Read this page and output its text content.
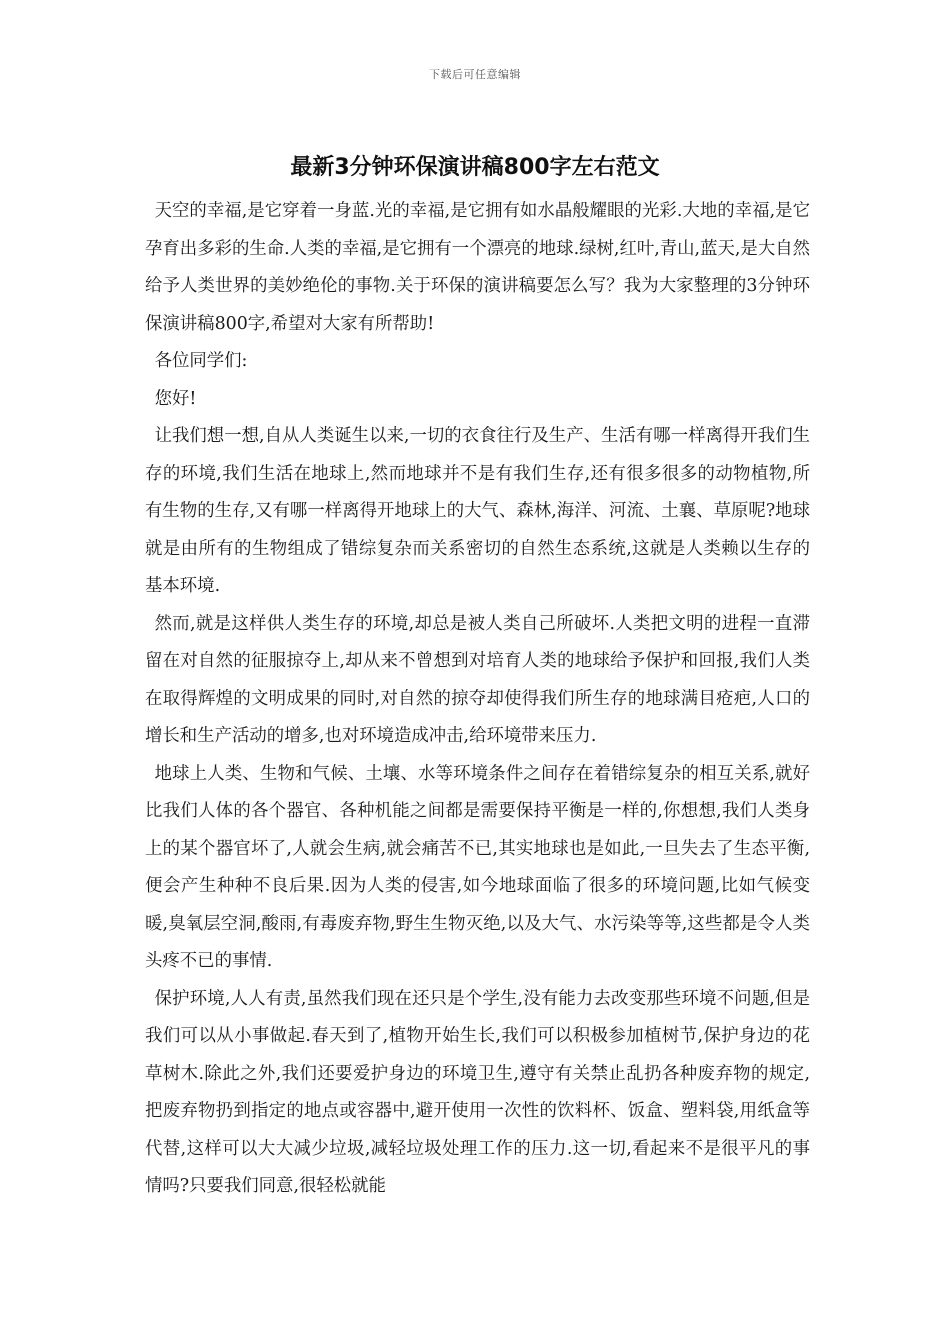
下载后可任意编辑
最新3分钟环保演讲稿800字左右范文

天空的幸福,是它穿着一身蓝.光的幸福,是它拥有如水晶般耀眼的光彩.大地的幸福,是它孕育出多彩的生命.人类的幸福,是它拥有一个漂亮的地球.绿树,红叶,青山,蓝天,是大自然给予人类世界的美妙绝伦的事物.关于环保的演讲稿要怎么写？我为大家整理的3分钟环保演讲稿800字,希望对大家有所帮助!

各位同学们:

您好!

让我们想一想,自从人类诞生以来,一切的衣食往行及生产、生活有哪一样离得开我们生存的环境,我们生活在地球上,然而地球并不是有我们生存,还有很多很多的动物植物,所有生物的生存,又有哪一样离得开地球上的大气、森林,海洋、河流、土襄、草原呢?地球就是由所有的生物组成了错综复杂而关系密切的自然生态系统,这就是人类赖以生存的基本环境.

然而,就是这样供人类生存的环境,却总是被人类自己所破坏.人类把文明的进程一直滞留在对自然的征服掠夺上,却从来不曾想到对培育人类的地球给予保护和回报,我们人类在取得辉煌的文明成果的同时,对自然的掠夺却使得我们所生存的地球满目疮疤,人口的增长和生产活动的增多,也对环境造成冲击,给环境带来压力.

地球上人类、生物和气候、土壤、水等环境条件之间存在着错综复杂的相互关系,就好比我们人体的各个器官、各种机能之间都是需要保持平衡是一样的,你想想,我们人类身上的某个器官坏了,人就会生病,就会痛苦不已,其实地球也是如此,一旦失去了生态平衡,便会产生种种不良后果.因为人类的侵害,如今地球面临了很多的环境问题,比如气候变暖,臭氧层空洞,酸雨,有毒废弃物,野生生物灭绝,以及大气、水污染等等,这些都是令人类头疼不已的事情.

保护环境,人人有责,虽然我们现在还只是个学生,没有能力去改变那些环境不问题,但是我们可以从小事做起.春天到了,植物开始生长,我们可以积极参加植树节,保护身边的花草树木.除此之外,我们还要爱护身边的环境卫生,遵守有关禁止乱扔各种废弃物的规定,把废弃物扔到指定的地点或容器中,避开使用一次性的饮料杯、饭盒、塑料袋,用纸盒等代替,这样可以大大减少垃圾,减轻垃圾处理工作的压力.这一切,看起来不是很平凡的事情吗?只要我们同意,很轻松就能
